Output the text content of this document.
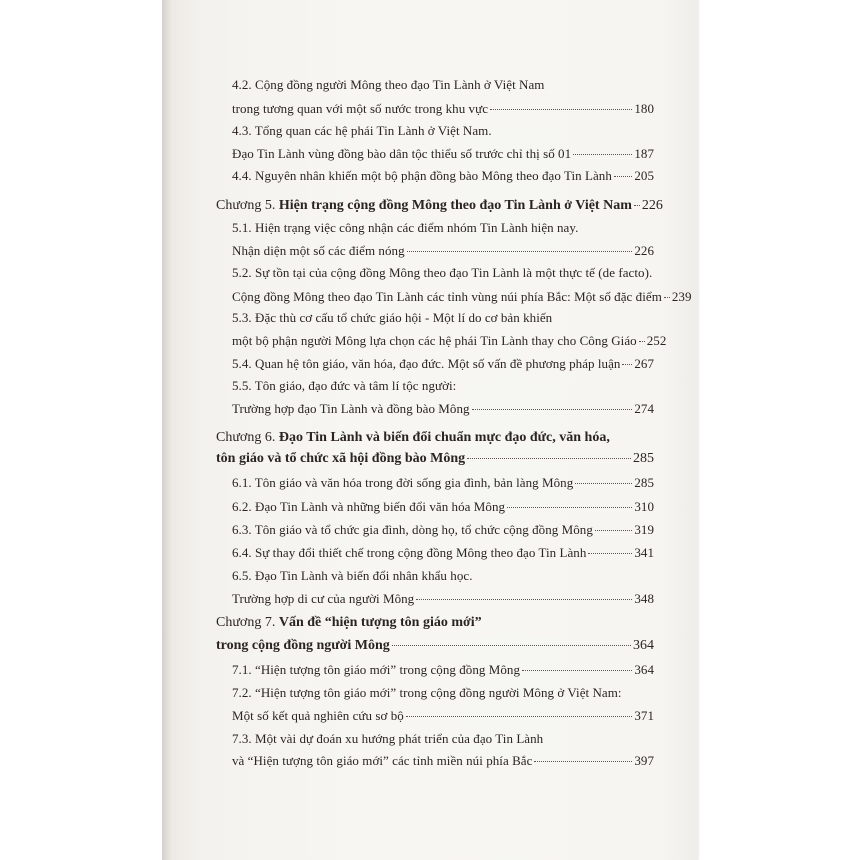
4.2. Cộng đồng người Mông theo đạo Tin Lành ở Việt Nam
trong tương quan với một số nước trong khu vực	180
4.3. Tổng quan các hệ phái Tin Lành ở Việt Nam.
Đạo Tin Lành vùng đồng bào dân tộc thiểu số trước chỉ thị số 01	187
4.4. Nguyên nhân khiến một bộ phận đồng bào Mông theo đạo Tin Lành 205
Chương 5. Hiện trạng cộng đồng Mông theo đạo Tin Lành ở Việt Nam 226
5.1. Hiện trạng việc công nhận các điểm nhóm Tin Lành hiện nay.
Nhận diện một số các điểm nóng	226
5.2. Sự tồn tại của cộng đồng Mông theo đạo Tin Lành là một thực tế (de facto).
Cộng đồng Mông theo đạo Tin Lành các tỉnh vùng núi phía Bắc: Một số đặc điểm 239
5.3. Đặc thù cơ cấu tổ chức giáo hội - Một lí do cơ bản khiến
một bộ phận người Mông lựa chọn các hệ phái Tin Lành thay cho Công Giáo 252
5.4. Quan hệ tôn giáo, văn hóa, đạo đức. Một số vấn đề phương pháp luận 267
5.5. Tôn giáo, đạo đức và tâm lí tộc người:
Trường hợp đạo Tin Lành và đồng bào Mông	274
Chương 6. Đạo Tin Lành và biến đổi chuẩn mực đạo đức, văn hóa,
tôn giáo và tổ chức xã hội đồng bào Mông	285
6.1. Tôn giáo và văn hóa trong đời sống gia đình, bản làng Mông	285
6.2. Đạo Tin Lành và những biến đổi văn hóa Mông	310
6.3. Tôn giáo và tổ chức gia đình, dòng họ, tổ chức cộng đồng Mông	319
6.4. Sự thay đổi thiết chế trong cộng đồng Mông theo đạo Tin Lành	341
6.5. Đạo Tin Lành và biến đổi nhân khẩu học.
Trường hợp di cư của người Mông	348
Chương 7. Vấn đề “hiện tượng tôn giáo mới”
trong cộng đồng người Mông	364
7.1. “Hiện tượng tôn giáo mới” trong cộng đồng Mông	364
7.2. “Hiện tượng tôn giáo mới” trong cộng đồng người Mông ở Việt Nam:
Một số kết quả nghiên cứu sơ bộ	371
7.3. Một vài dự đoán xu hướng phát triển của đạo Tin Lành
và “Hiện tượng tôn giáo mới” các tỉnh miền núi phía Bắc	397
